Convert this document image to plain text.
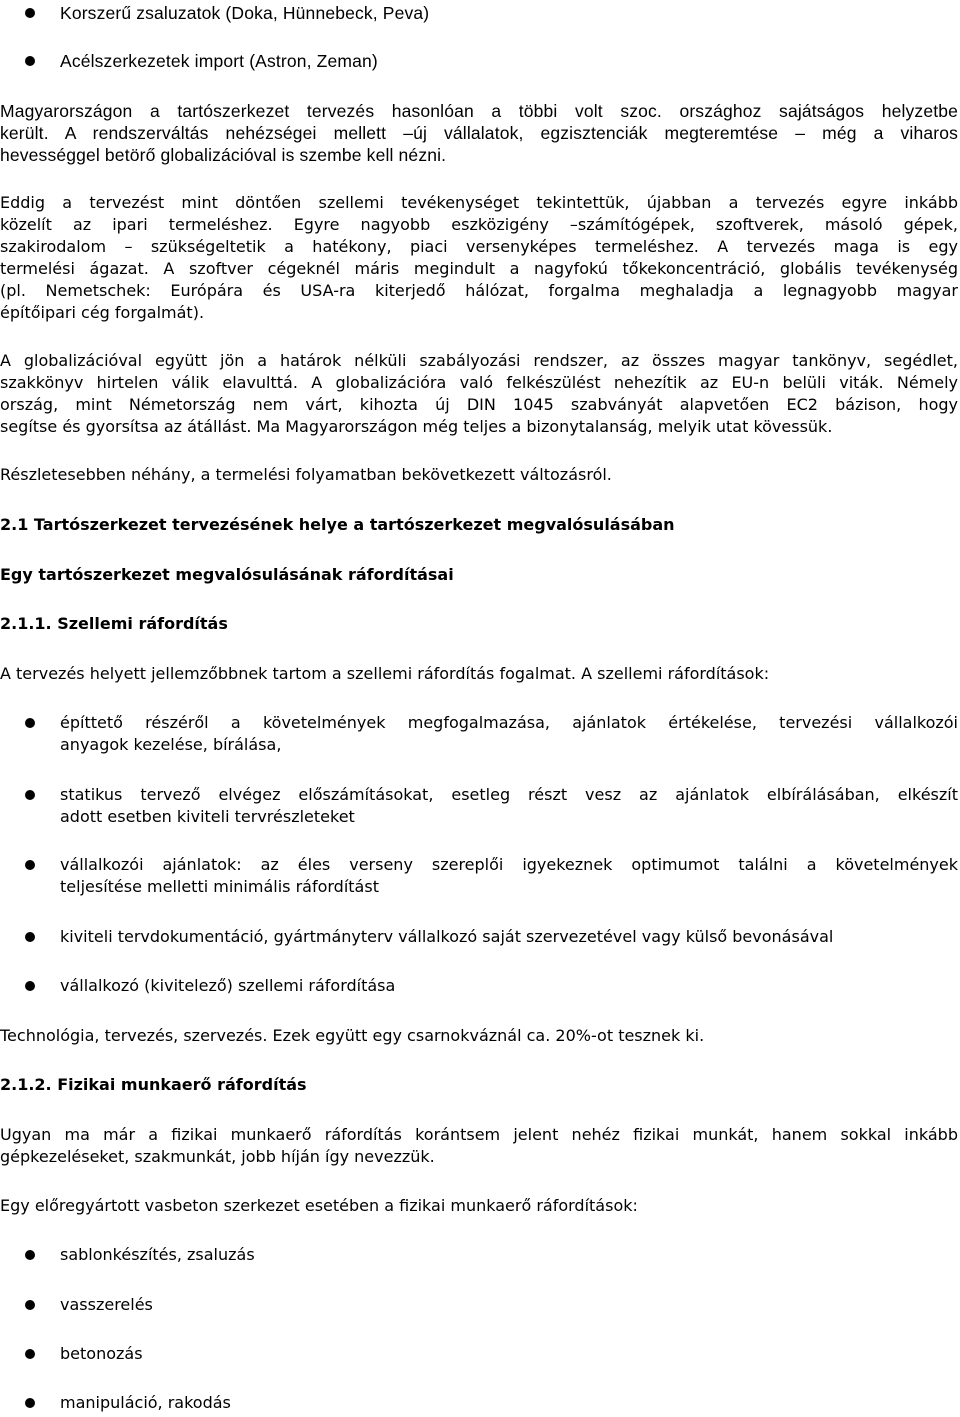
Korszerű zsaluzatok (Doka, Hünnebeck, Peva)
Acélszerkezetek import (Astron, Zeman)
Magyarországon a tartószerkezet tervezés hasonlóan a többi volt szoc. országhoz sajátságos helyzetbe
került. A rendszerváltás nehézségei mellett –új vállalatok, egzisztenciák megteremtése – még a viharos
hevességgel betörő globalizációval is szembe kell nézni.
Eddig a tervezést mint döntően szellemi tevékenységet tekintettük, újabban a tervezés egyre inkább
közelít az ipari termeléshez. Egyre nagyobb eszközigény –számítógépek, szoftverek, másoló gépek,
szakirodalom – szükségeltetik a hatékony, piaci versenyképes termeléshez. A tervezés maga is egy
termelési ágazat. A szoftver cégeknél máris megindult a nagyfokú tőkekoncentráció, globális tevékenység
(pl. Nemetschek: Európára és USA-ra kiterjedő hálózat, forgalma meghaladja a legnagyobb magyar
építőipari cég forgalmát).
A globalizációval együtt jön a határok nélküli szabályozási rendszer, az összes magyar tankönyv, segédlet,
szakkönyv hirtelen válik elavulttá. A globalizációra való felkészülést nehezítik az EU-n belüli viták. Némely
ország, mint Németország nem várt, kihozta új DIN 1045 szabványát alapvetően EC2 bázison, hogy
segítse és gyorsítsa az átállást. Ma Magyarországon még teljes a bizonytalanság, melyik utat kövessük.
Részletesebben néhány, a termelési folyamatban bekövetkezett változásról.
2.1 Tartószerkezet tervezésének helye a tartószerkezet megvalósulásában
Egy tartószerkezet megvalósulásának ráfordításai
2.1.1. Szellemi ráfordítás
A tervezés helyett jellemzőbbnek tartom a szellemi ráfordítás fogalmat. A szellemi ráfordítások:
építtető részéről a követelmények megfogalmazása, ajánlatok értékelése, tervezési vállalkozói
anyagok kezelése, bírálása,
statikus tervező elvégez előszámításokat, esetleg részt vesz az ajánlatok elbírálásában, elkészít
adott esetben kiviteli tervrészleteket
vállalkozói ajánlatok: az éles verseny szereplői igyekeznek optimumot találni a követelmények
teljesítése melletti minimális ráfordítást
kiviteli tervdokumentáció, gyártmányterv vállalkozó saját szervezetével vagy külső bevonásával
vállalkozó (kivitelező) szellemi ráfordítása
Technológia, tervezés, szervezés. Ezek együtt egy csarnokváznál ca. 20%-ot tesznek ki.
2.1.2. Fizikai munkaerő ráfordítás
Ugyan ma már a fizikai munkaerő ráfordítás korántsem jelent nehéz fizikai munkát, hanem sokkal inkább
gépkezeléseket, szakmunkát, jobb híján így nevezzük.
Egy előregyártott vasbeton szerkezet esetében a fizikai munkaerő ráfordítások:
sablonkészítés, zsaluzás
vasszerelés
betonozás
manipuláció, rakodás
